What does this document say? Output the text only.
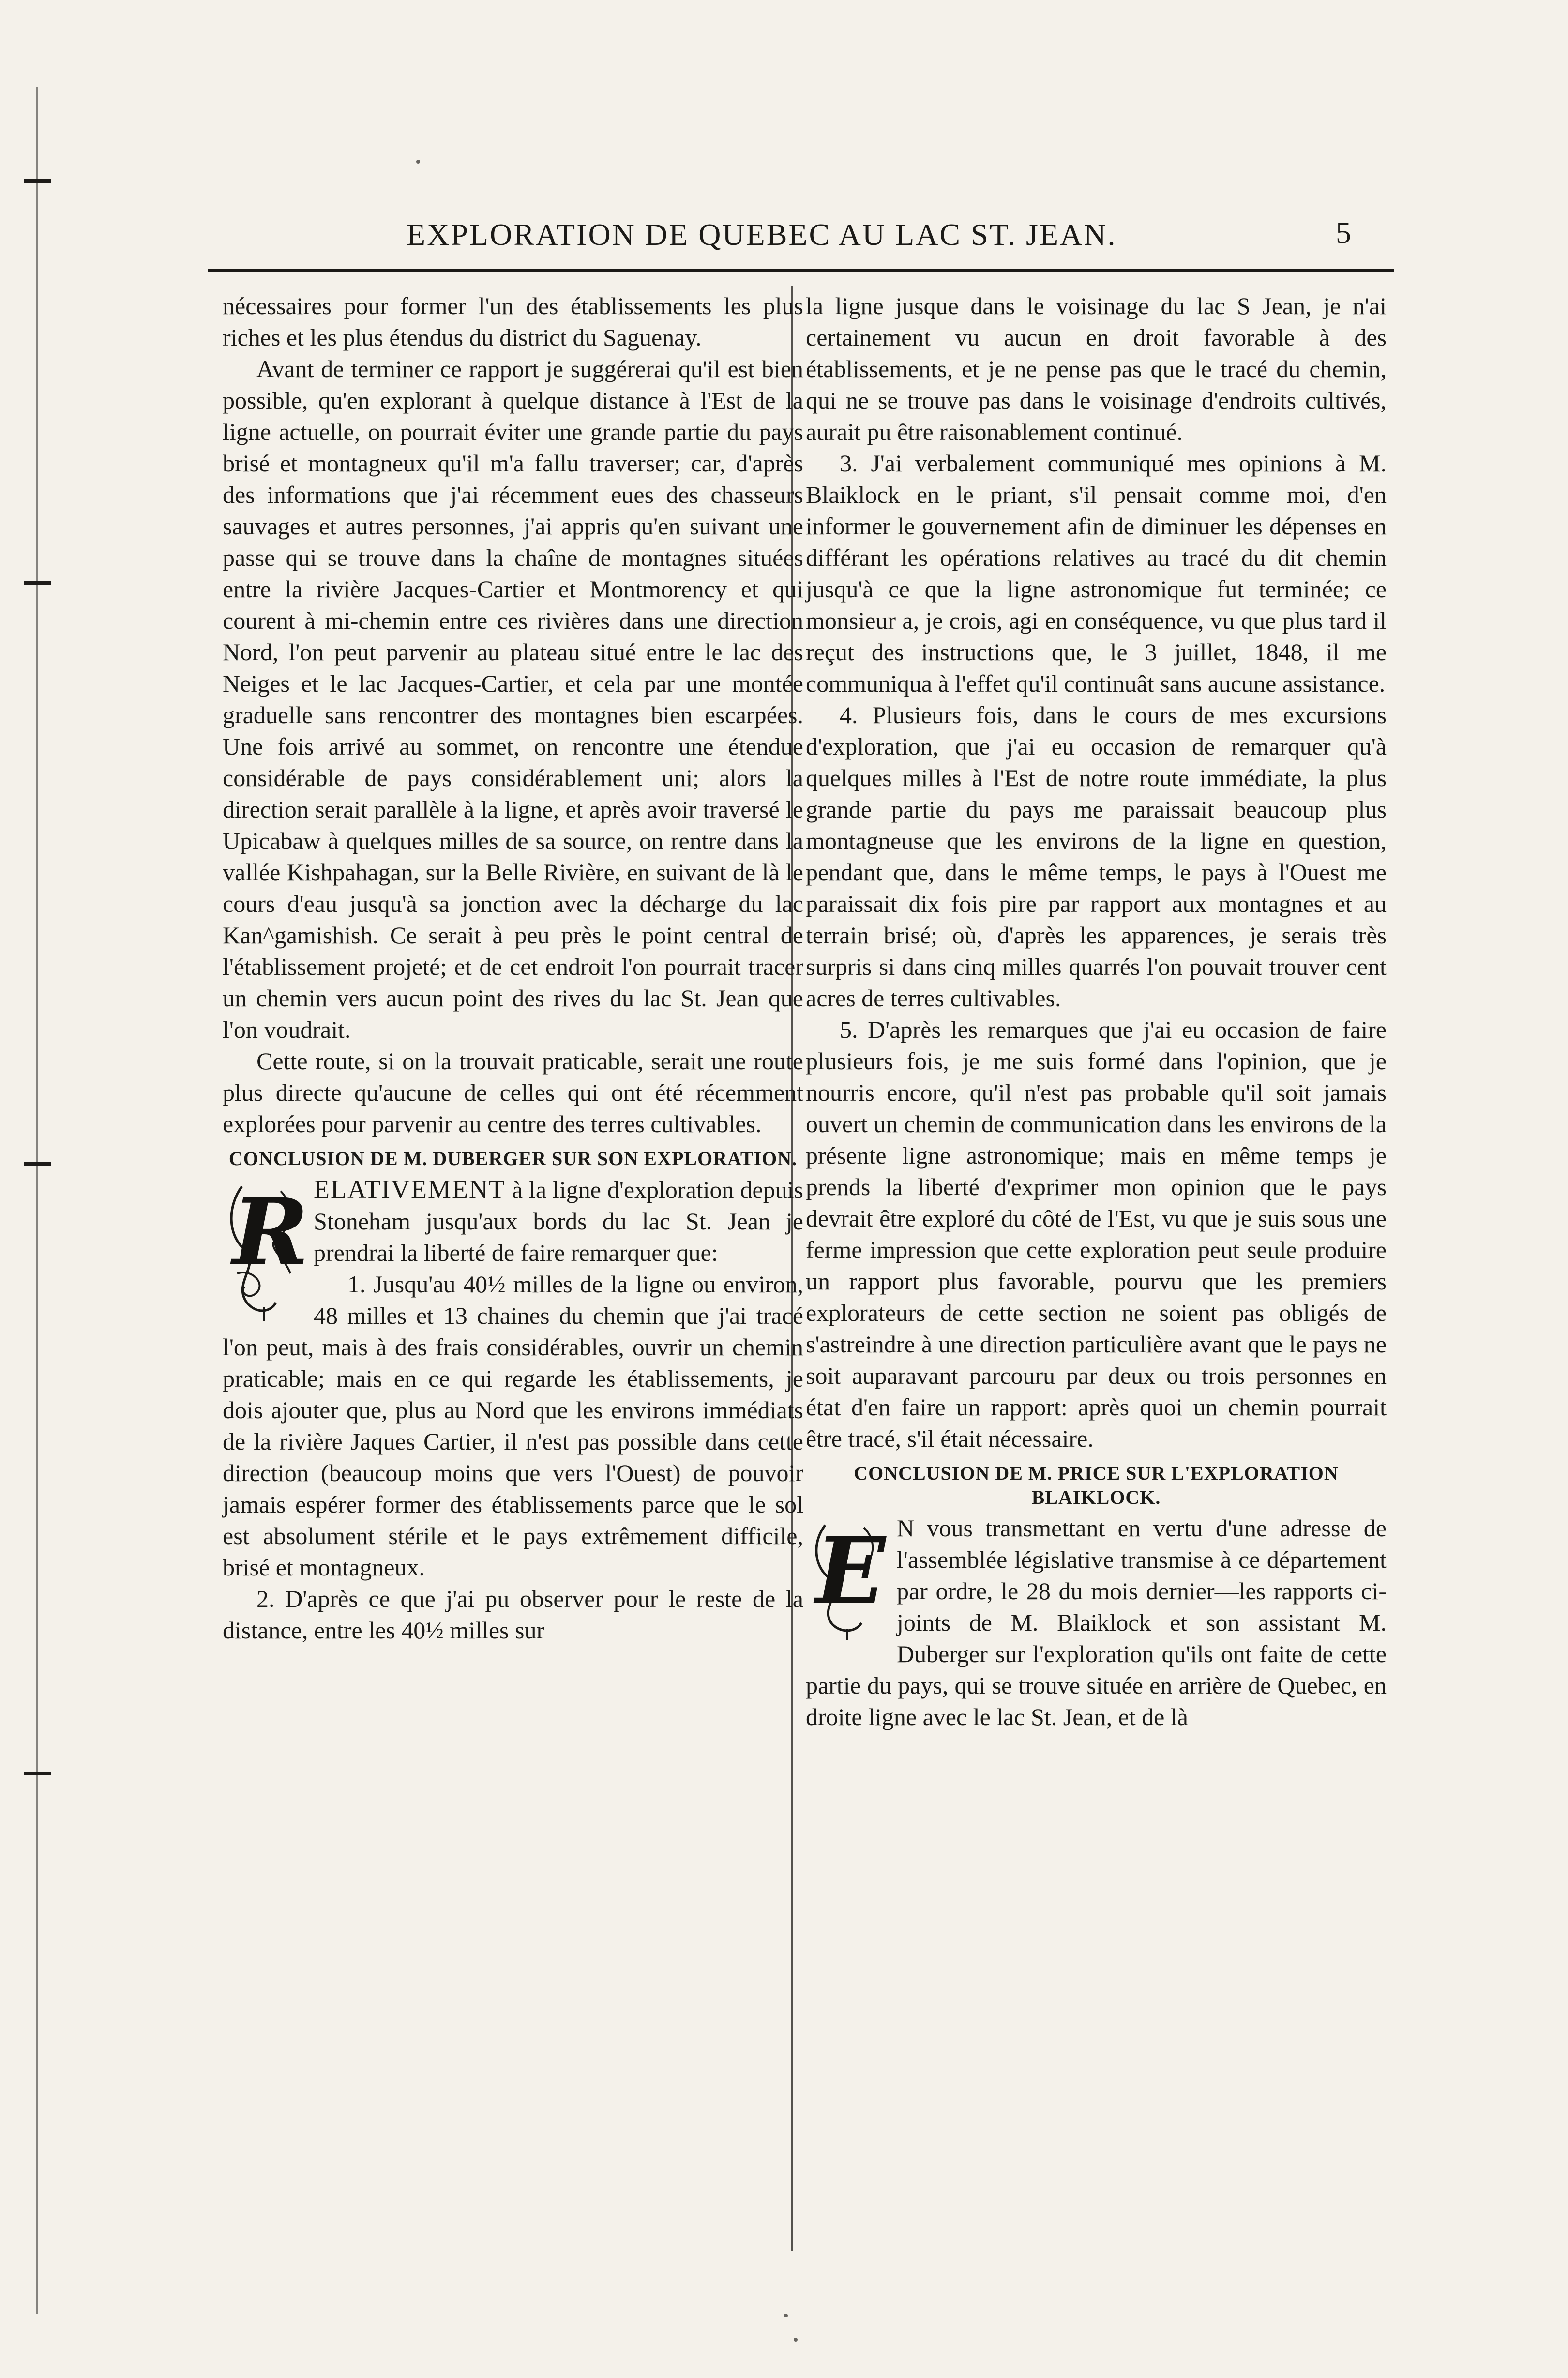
EXPLORATION DE QUEBEC AU LAC ST. JEAN.	5

nécessaires pour former l'un des établissements les plus riches et les plus étendus du district du Saguenay.

Avant de terminer ce rapport je suggérerai qu'il est bien possible, qu'en explorant à quelque distance à l'Est de la ligne actuelle, on pourrait éviter une grande partie du pays brisé et montagneux qu'il m'a fallu traverser; car, d'après des informations que j'ai récemment eues des chasseurs sauvages et autres personnes, j'ai appris qu'en suivant une passe qui se trouve dans la chaîne de montagnes situées entre la rivière Jacques-Cartier et Montmorency et qui courent à mi-chemin entre ces rivières dans une direction Nord, l'on peut parvenir au plateau situé entre le lac des Neiges et le lac Jacques-Cartier, et cela par une montée graduelle sans rencontrer des montagnes bien escarpées. Une fois arrivé au sommet, on rencontre une étendue considérable de pays considérablement uni; alors la direction serait parallèle à la ligne, et après avoir traversé le Upicabaw à quelques milles de sa source, on rentre dans la vallée Kishpahagan, sur la Belle Rivière, en suivant de là le cours d'eau jusqu'à sa jonction avec la décharge du lac Kan^gamishish. Ce serait à peu près le point central de l'établissement projeté; et de cet endroit l'on pourrait tracer un chemin vers aucun point des rives du lac St. Jean que l'on voudrait.

Cette route, si on la trouvait praticable, serait une route plus directe qu'aucune de celles qui ont été récemment explorées pour parvenir au centre des terres cultivables.

CONCLUSION DE M. DUBERGER SUR SON EXPLORATION.

R ELATIVEMENT à la ligne d'exploration depuis Stoneham jusqu'aux bords du lac St. Jean je prendrai la liberté de faire remarquer que:

1. Jusqu'au 40½ milles de la ligne ou environ, 48 milles et 13 chaines du chemin que j'ai tracé l'on peut, mais à des frais considérables, ouvrir un chemin praticable; mais en ce qui regarde les établissements, je dois ajouter que, plus au Nord que les environs immédiats de la rivière Jaques Cartier, il n'est pas possible dans cette direction (beaucoup moins que vers l'Ouest) de pouvoir jamais espérer former des établissements parce que le sol est absolument stérile et le pays extrêmement difficile, brisé et montagneux.

2. D'après ce que j'ai pu observer pour le reste de la distance, entre les 40½ milles sur

la ligne jusque dans le voisinage du lac S Jean, je n'ai certainement vu aucun en droit favorable à des établissements, et je ne pense pas que le tracé du chemin, qui ne se trouve pas dans le voisinage d'endroits cultivés, aurait pu être raisonablement continué.

3. J'ai verbalement communiqué mes opinions à M. Blaiklock en le priant, s'il pensait comme moi, d'en informer le gouvernement afin de diminuer les dépenses en différant les opérations relatives au tracé du dit chemin jusqu'à ce que la ligne astronomique fut terminée; ce monsieur a, je crois, agi en conséquence, vu que plus tard il reçut des instructions que, le 3 juillet, 1848, il me communiqua à l'effet qu'il continuât sans aucune assistance.

4. Plusieurs fois, dans le cours de mes excursions d'exploration, que j'ai eu occasion de remarquer qu'à quelques milles à l'Est de notre route immédiate, la plus grande partie du pays me paraissait beaucoup plus montagneuse que les environs de la ligne en question, pendant que, dans le même temps, le pays à l'Ouest me paraissait dix fois pire par rapport aux montagnes et au terrain brisé; où, d'après les apparences, je serais très surpris si dans cinq milles quarrés l'on pouvait trouver cent acres de terres cultivables.

5. D'après les remarques que j'ai eu occasion de faire plusieurs fois, je me suis formé dans l'opinion, que je nourris encore, qu'il n'est pas probable qu'il soit jamais ouvert un chemin de communication dans les environs de la présente ligne astronomique; mais en même temps je prends la liberté d'exprimer mon opinion que le pays devrait être exploré du côté de l'Est, vu que je suis sous une ferme impression que cette exploration peut seule produire un rapport plus favorable, pourvu que les premiers explorateurs de cette section ne soient pas obligés de s'astreindre à une direction particulière avant que le pays ne soit auparavant parcouru par deux ou trois personnes en état d'en faire un rapport: après quoi un chemin pourrait être tracé, s'il était nécessaire.

CONCLUSION DE M. PRICE SUR L'EXPLORATION BLAIKLOCK.

E N vous transmettant en vertu d'une adresse de l'assemblée législative transmise à ce département par ordre, le 28 du mois dernier—les rapports ci-joints de M. Blaiklock et son assistant M. Duberger sur l'exploration qu'ils ont faite de cette partie du pays, qui se trouve située en arrière de Quebec, en droite ligne avec le lac St. Jean, et de là
